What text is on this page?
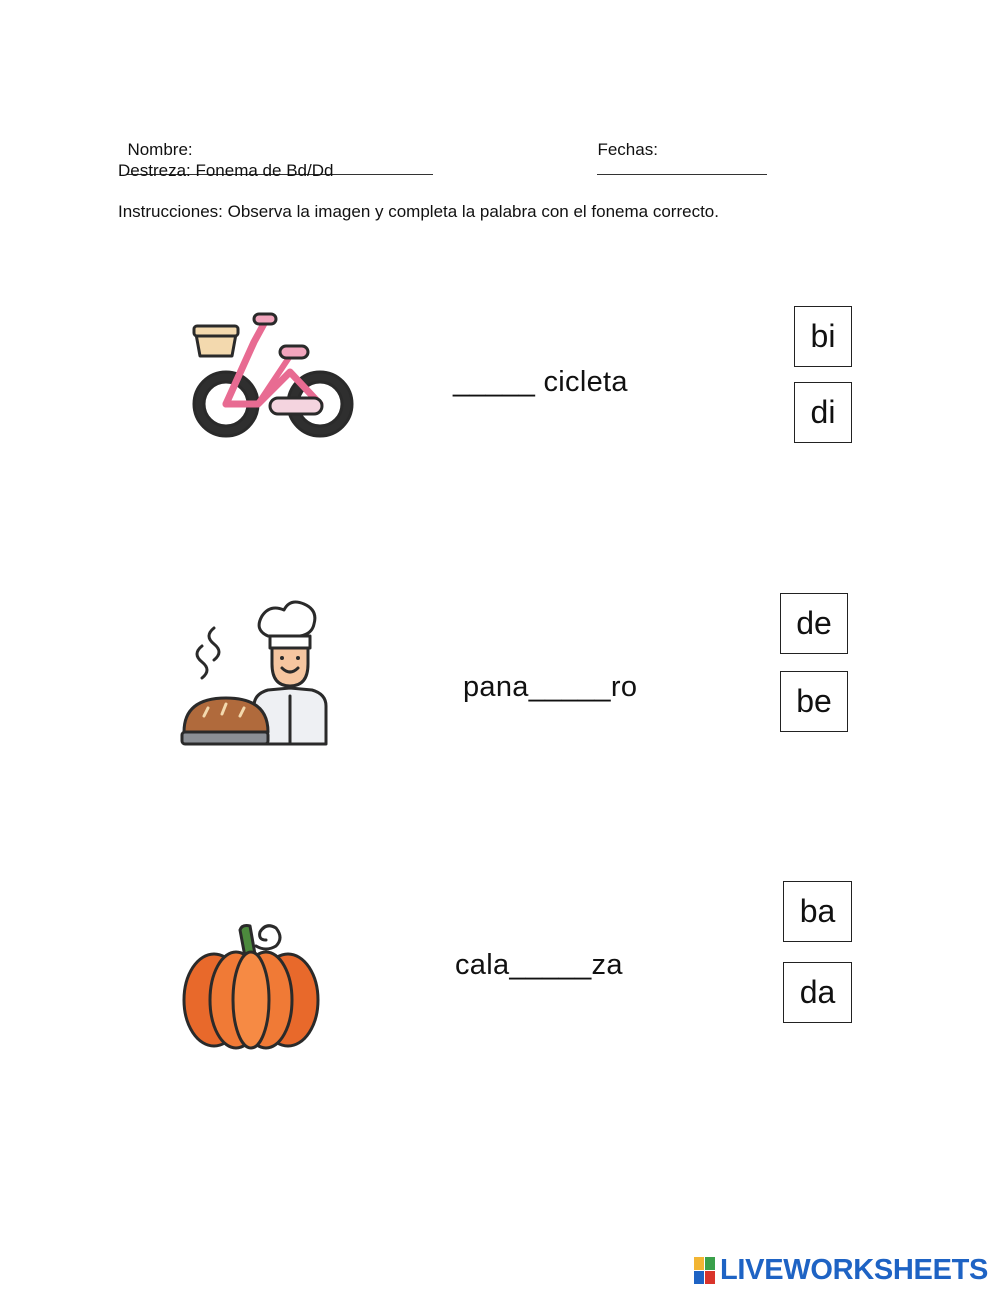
Nombre:
	Fechas:

Destreza: Fonema de Bd/Dd
Instrucciones: Observa la imagen y completa la palabra con el fonema correcto.
_____ cicleta
bi
di
pana_____ro
de
be
cala_____za
ba
da
LIVEWORKSHEETS
